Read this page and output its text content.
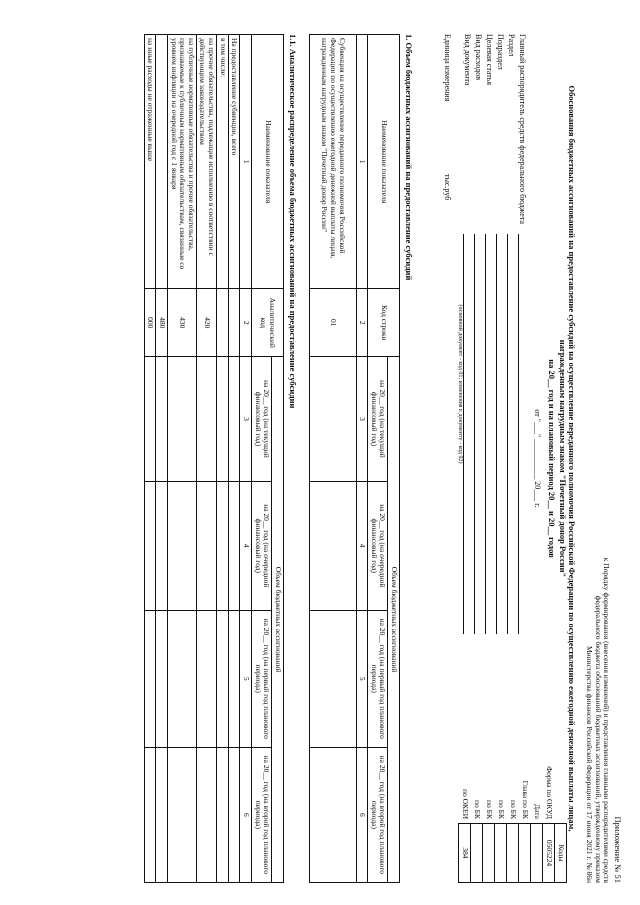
Приложение № 51
к Порядку формирования (внесения изменений) и представления главными распорядителями средств федерального бюджета обоснований бюджетных ассигнований, утвержденному приказом Министерства финансов Российской Федерации от 17 июня 2021 г. № 86н
Обоснования бюджетных ассигнований на предоставление субсидий на осуществление переданного полномочия Российской Федерации по осуществлению ежегодной денежной выплаты лицам, награжденным нагрудным знаком "Почетный донор России"
на 20__ год и на плановый период 20__ и 20__ годов
от "___" __________ 20___ г.
Главный распорядитель средств федерального бюджета
Раздел
Подраздел
Целевая статья
Вид расходов
Вид документа
(основной документ - код 01; изменения к документу - код 02)
Единица измерения
тыс.руб
	Коды
Форма по ОКУД	0505224
Дата	
Глава по БК	
по БК	
по БК	
по БК	
по БК	
по ОКЕИ	384
1. Объем бюджетных ассигнований на предоставление субсидий
Наименование показателя	Код строки	Объем бюджетных ассигнований			
		на 20__ год (на текущий финансовый год)	на 20__ год (на очередной финансовый год)	на 20__ год (на первый год планового периода)	на 20__ год (на второй год планового периода)
1	2	3	4	5	6
Субвенция на осуществление переданного полномочия Российской Федерации по осуществлению ежегодной денежной выплаты лицам, награжденным нагрудным знаком "Почетный донор России"	01				
1.1. Аналитическое распределение объема бюджетных ассигнований на предоставление субсидии
Наименование показателя	Аналитический код	Объем бюджетных ассигнований			
		на 20__ год (на текущий финансовый год)	на 20__ год (на очередной финансовый год)	на 20__ год (на первый год планового периода)	на 20__ год (на второй год планового периода)
1	2	3	4	5	6
На предоставление субвенции, всего					
в том числе:					
на прочие обязательства, подлежащие исполнению в соответствии с действующим законодательством	420				
на публичные нормативные обязательства и прочие обязательства, признаваемые к публичным нормативным обязательствам, связанные со уровнем инфляции на очередной год с 1 января	430				
	480				
на иные расходы не отраженные выше	000				
